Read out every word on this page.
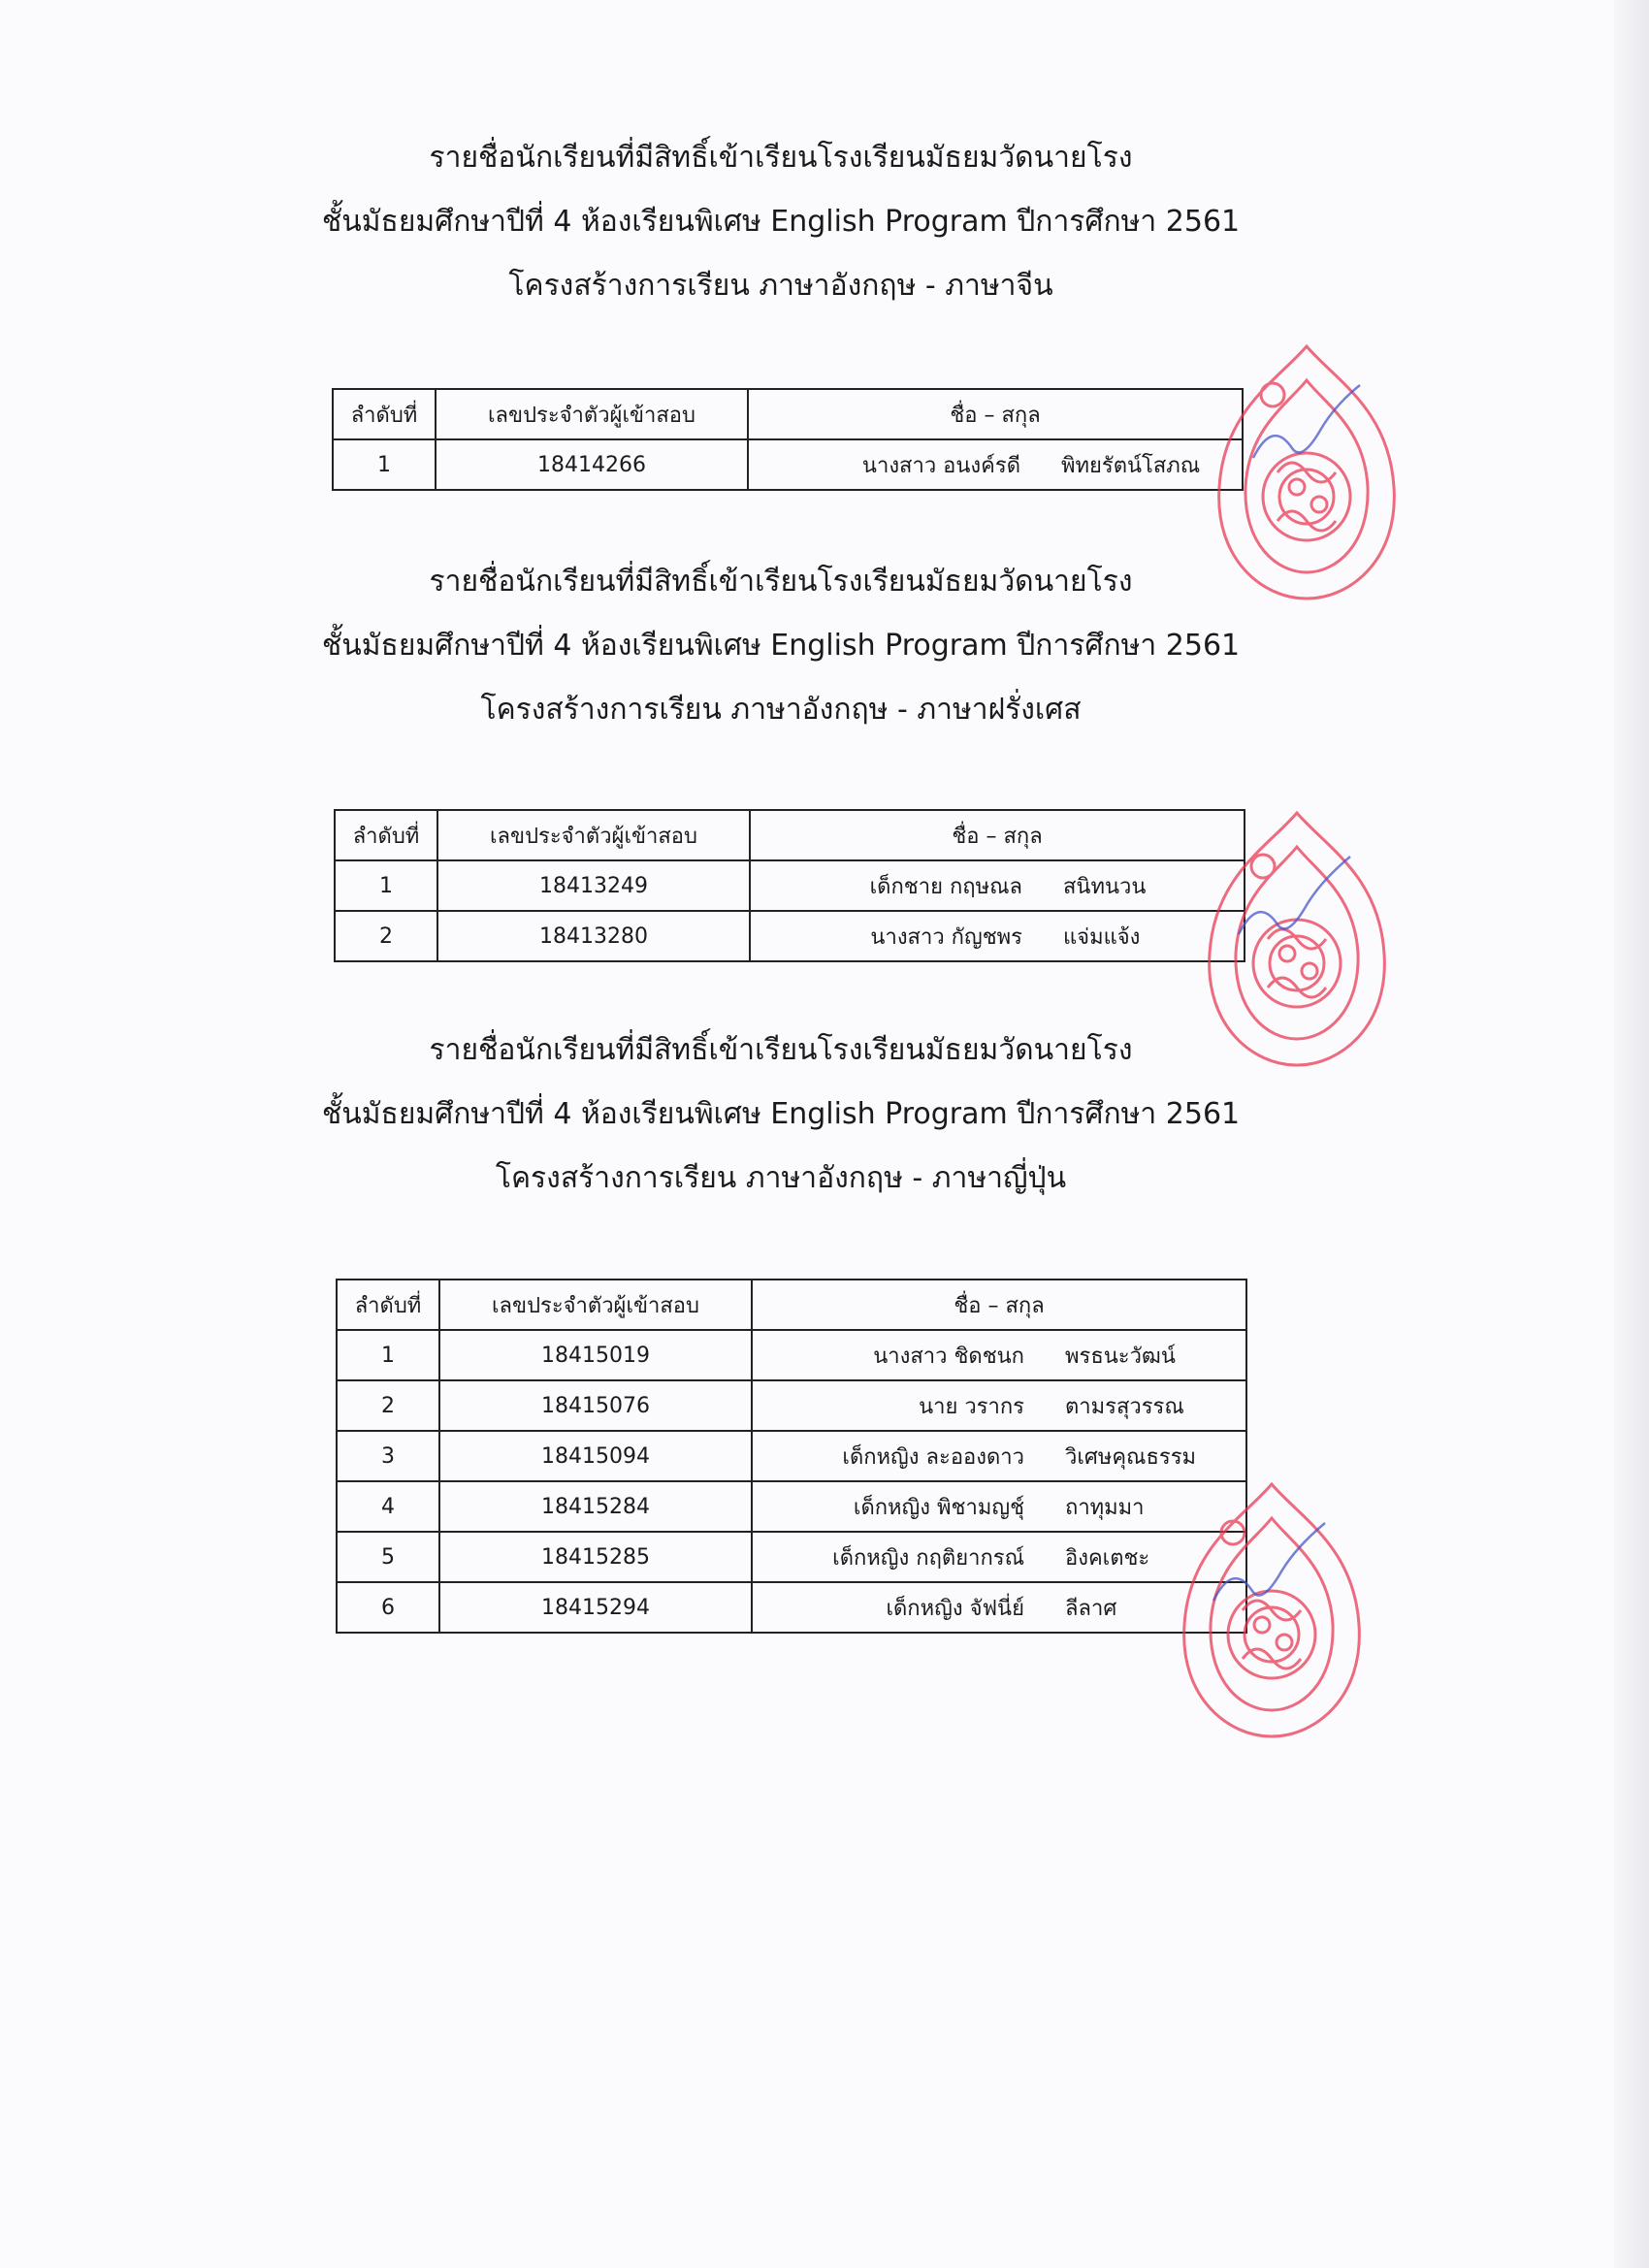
รายชื่อนักเรียนที่มีสิทธิ์เข้าเรียนโรงเรียนมัธยมวัดนายโรง
ชั้นมัธยมศึกษาปีที่ 4 ห้องเรียนพิเศษ English Program ปีการศึกษา 2561
โครงสร้างการเรียน ภาษาอังกฤษ - ภาษาจีน
ลำดับที่	เลขประจำตัวผู้เข้าสอบ	ชื่อ – สกุล
1	18414266	นางสาว อนงค์รดี พิทยรัตน์โสภณ
รายชื่อนักเรียนที่มีสิทธิ์เข้าเรียนโรงเรียนมัธยมวัดนายโรง
ชั้นมัธยมศึกษาปีที่ 4 ห้องเรียนพิเศษ English Program ปีการศึกษา 2561
โครงสร้างการเรียน ภาษาอังกฤษ - ภาษาฝรั่งเศส
ลำดับที่	เลขประจำตัวผู้เข้าสอบ	ชื่อ – สกุล
1	18413249	เด็กชาย กฤษณล สนิทนวน

2	18413280	นางสาว กัญชพร แจ่มแจ้ง
รายชื่อนักเรียนที่มีสิทธิ์เข้าเรียนโรงเรียนมัธยมวัดนายโรง
ชั้นมัธยมศึกษาปีที่ 4 ห้องเรียนพิเศษ English Program ปีการศึกษา 2561
โครงสร้างการเรียน ภาษาอังกฤษ - ภาษาญี่ปุ่น
ลำดับที่	เลขประจำตัวผู้เข้าสอบ	ชื่อ – สกุล
1	18415019	นางสาว ชิดชนก พรธนะวัฒน์

2	18415076	นาย วรากร ตามรสุวรรณ

3	18415094	เด็กหญิง ละอองดาว วิเศษคุณธรรม

4	18415284	เด็กหญิง พิชามญชุ์ ถาทุมมา

5	18415285	เด็กหญิง กฤติยากรณ์ อิงคเตชะ

6	18415294	เด็กหญิง จัฟนี่ย์ ลีลาศ
